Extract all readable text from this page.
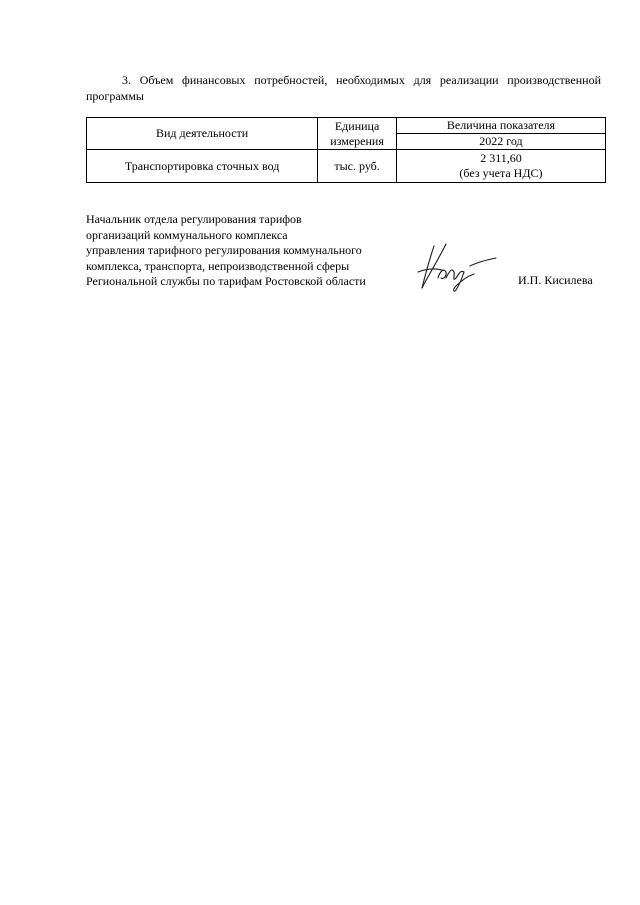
3. Объем финансовых потребностей, необходимых для реализации производственной программы
Вид деятельности	Единица измерения	Величина показателя
		2022 год
Транспортировка сточных вод	тыс. руб.	2 311,60
(без учета НДС)
Начальник отдела регулирования тарифов
организаций коммунального комплекса
управления тарифного регулирования коммунального
комплекса, транспорта, непроизводственной сферы
Региональной службы по тарифам Ростовской области	И.П. Кисилева
